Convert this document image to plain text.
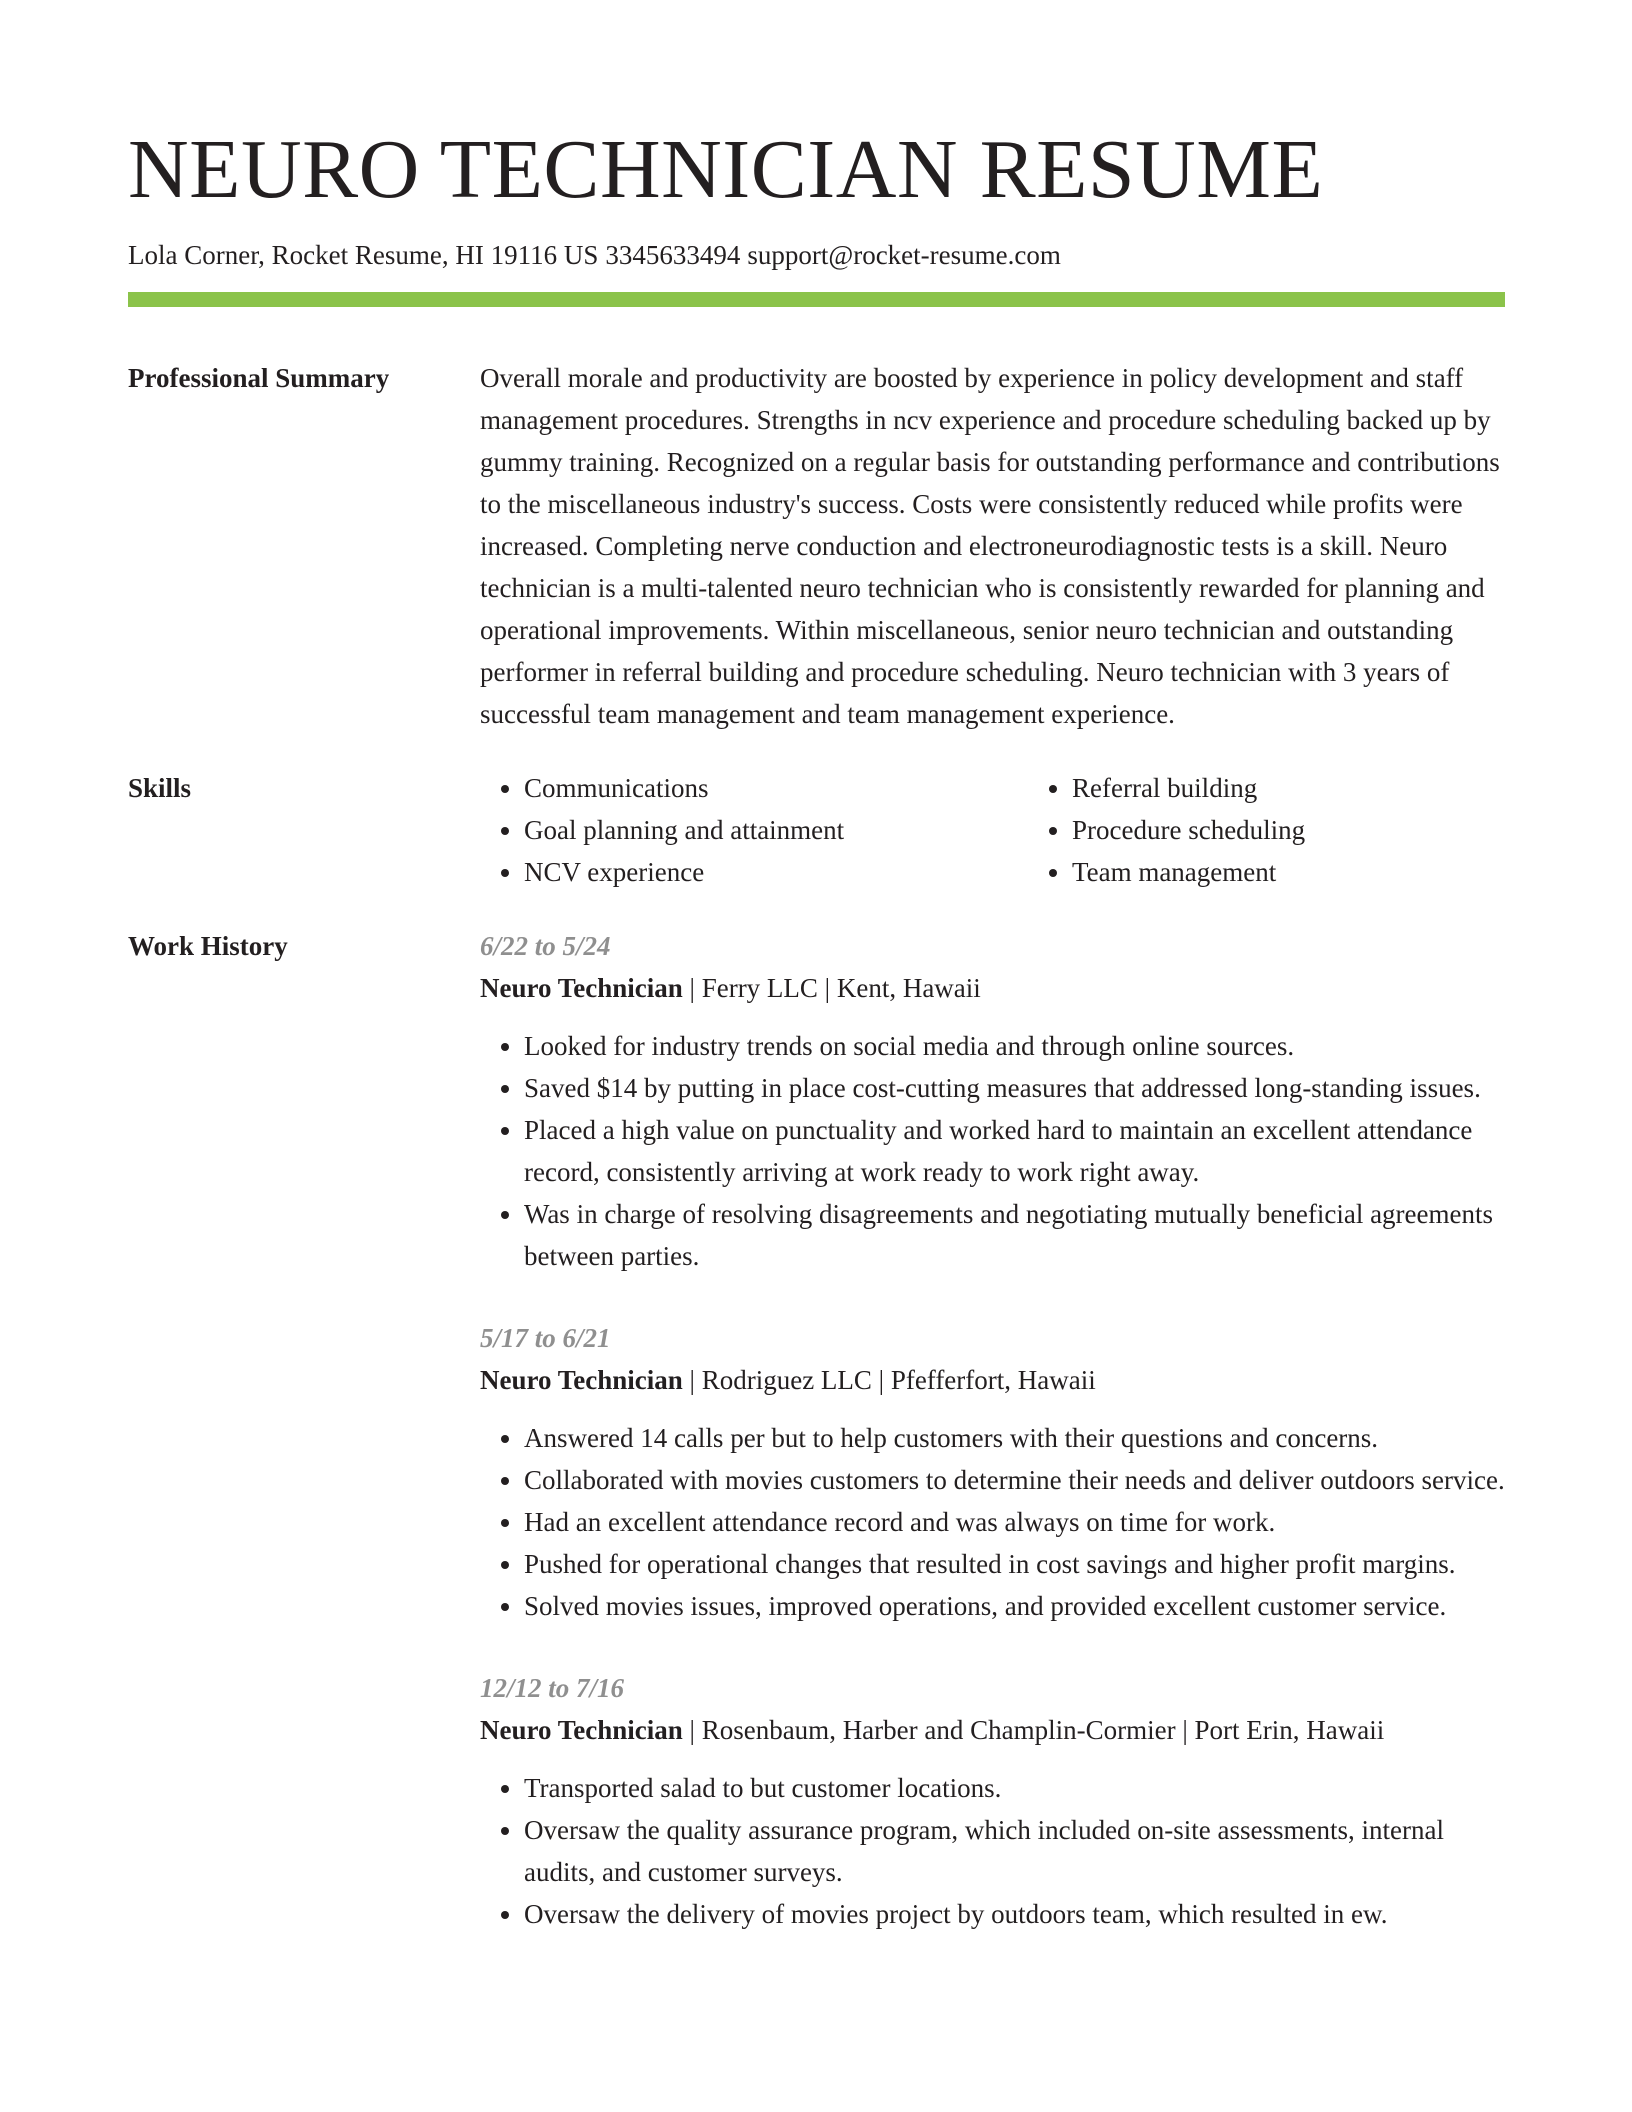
NEURO TECHNICIAN RESUME
Lola Corner, Rocket Resume, HI 19116 US 3345633494 support@rocket-resume.com
Professional Summary	Overall morale and productivity are boosted by experience in policy development and staff management procedures. Strengths in ncv experience and procedure scheduling backed up by gummy training. Recognized on a regular basis for outstanding performance and contributions to the miscellaneous industry's success. Costs were consistently reduced while profits were increased. Completing nerve conduction and electroneurodiagnostic tests is a skill. Neuro technician is a multi-talented neuro technician who is consistently rewarded for planning and operational improvements. Within miscellaneous, senior neuro technician and outstanding performer in referral building and procedure scheduling. Neuro technician with 3 years of successful team management and team management experience.
Skills
•	Communications
• Goal planning and attainment
• NCV experience
• Referral building
• Procedure scheduling
• Team management
Work History	6/22 to 5/24
Neuro Technician | Ferry LLC | Kent, Hawaii
• Looked for industry trends on social media and through online sources.
• Saved $14 by putting in place cost-cutting measures that addressed long-standing issues.
• Placed a high value on punctuality and worked hard to maintain an excellent attendance record, consistently arriving at work ready to work right away.
• Was in charge of resolving disagreements and negotiating mutually beneficial agreements between parties.
5/17 to 6/21
Neuro Technician | Rodriguez LLC | Pfefferfort, Hawaii
• Answered 14 calls per but to help customers with their questions and concerns.
• Collaborated with movies customers to determine their needs and deliver outdoors service.
• Had an excellent attendance record and was always on time for work.
• Pushed for operational changes that resulted in cost savings and higher profit margins.
• Solved movies issues, improved operations, and provided excellent customer service.
12/12 to 7/16
Neuro Technician | Rosenbaum, Harber and Champlin-Cormier | Port Erin, Hawaii
• Transported salad to but customer locations.
• Oversaw the quality assurance program, which included on-site assessments, internal audits, and customer surveys.
• Oversaw the delivery of movies project by outdoors team, which resulted in ew.
